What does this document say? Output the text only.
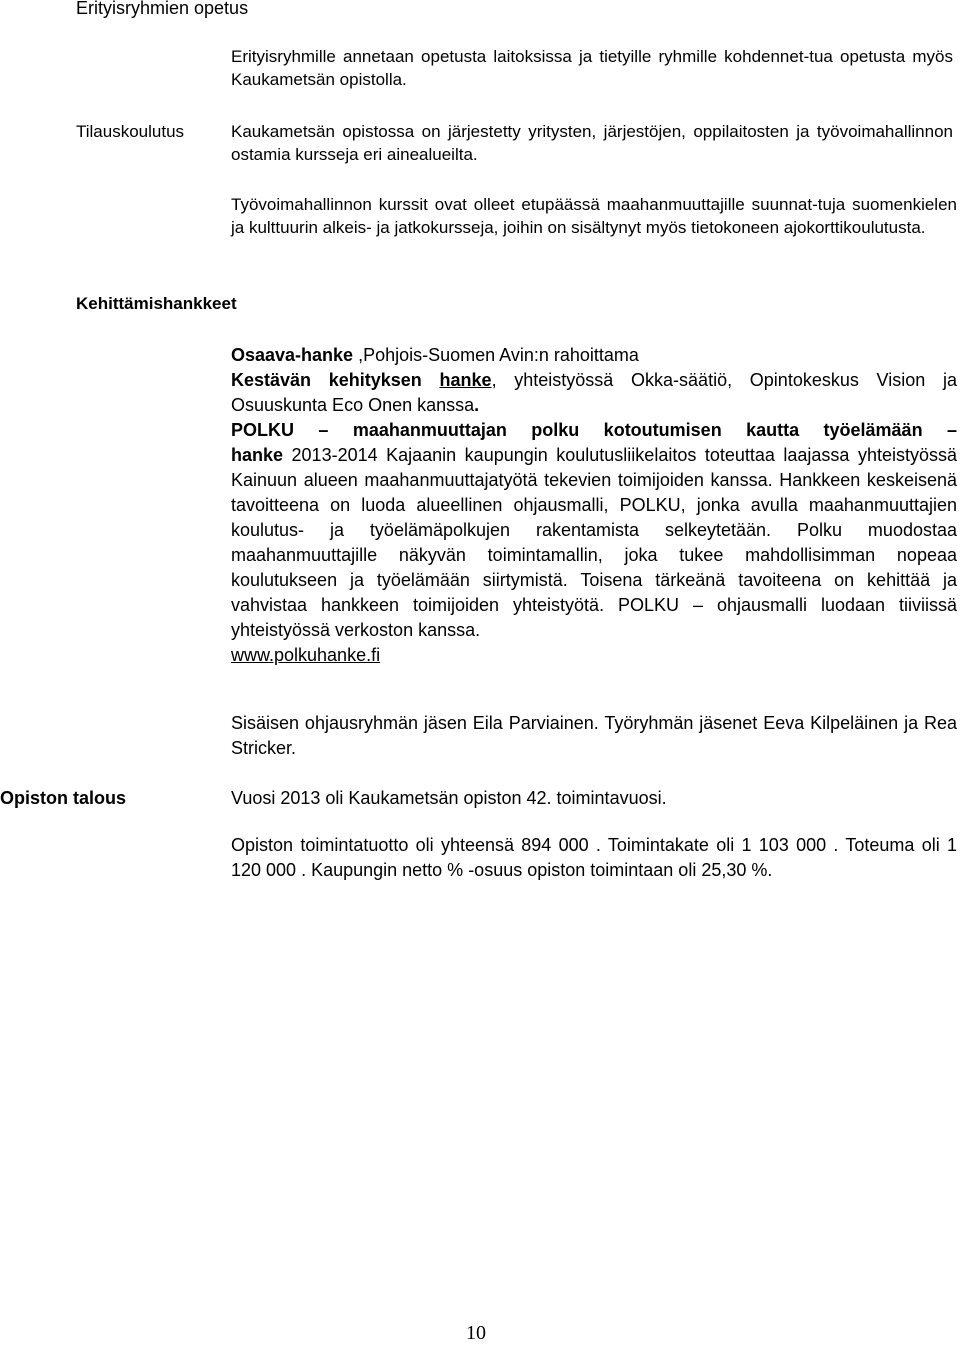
Erityisryhmien opetus
Erityisryhmille annetaan opetusta laitoksissa ja tietyille ryhmille kohdennet-tua opetusta myös Kaukametsän opistolla.
Tilauskoulutus	Kaukametsän opistossa on järjestetty yritysten, järjestöjen, oppilaitosten ja työvoimahallinnon ostamia kursseja eri ainealueilta.
Työvoimahallinnon kurssit ovat olleet etupäässä maahanmuuttajille suunnat-tuja suomenkielen ja kulttuurin alkeis- ja jatkokursseja, joihin on sisältynyt myös tietokoneen ajokorttikoulutusta.
Kehittämishankkeet
Osaava-hanke ,Pohjois-Suomen Avin:n rahoittama
Kestävän kehityksen hanke, yhteistyössä Okka-säätiö, Opintokeskus Vision ja Osuuskunta Eco Onen kanssa.
POLKU – maahanmuuttajan polku kotoutumisen kautta työelämään –
hanke 2013-2014 Kajaanin kaupungin koulutusliikelaitos toteuttaa laajassa yhteistyössä Kainuun alueen maahanmuuttajatyötä tekevien toimijoiden kanssa. Hankkeen keskeisenä tavoitteena on luoda alueellinen ohjausmalli, POLKU, jonka avulla maahanmuuttajien koulutus- ja työelämäpolkujen rakentamista selkeytetään. Polku muodostaa maahanmuuttajille näkyvän toimintamallin, joka tukee mahdollisimman nopeaa koulutukseen ja työelämään siirtymistä. Toisena tärkeänä tavoiteena on kehittää ja vahvistaa hankkeen toimijoiden yhteistyötä. POLKU – ohjausmalli luodaan tiiviissä yhteistyössä verkoston kanssa.
www.polkuhanke.fi
Sisäisen ohjausryhmän jäsen Eila Parviainen. Työryhmän jäsenet Eeva Kilpeläinen ja Rea Stricker.
Opiston talous	Vuosi 2013 oli Kaukametsän opiston 42. toimintavuosi.
Opiston toimintatuotto oli yhteensä 894 000 . Toimintakate oli 1 103 000 . Toteuma oli 1 120 000 . Kaupungin netto % -osuus opiston toimintaan oli 25,30 %.
10
